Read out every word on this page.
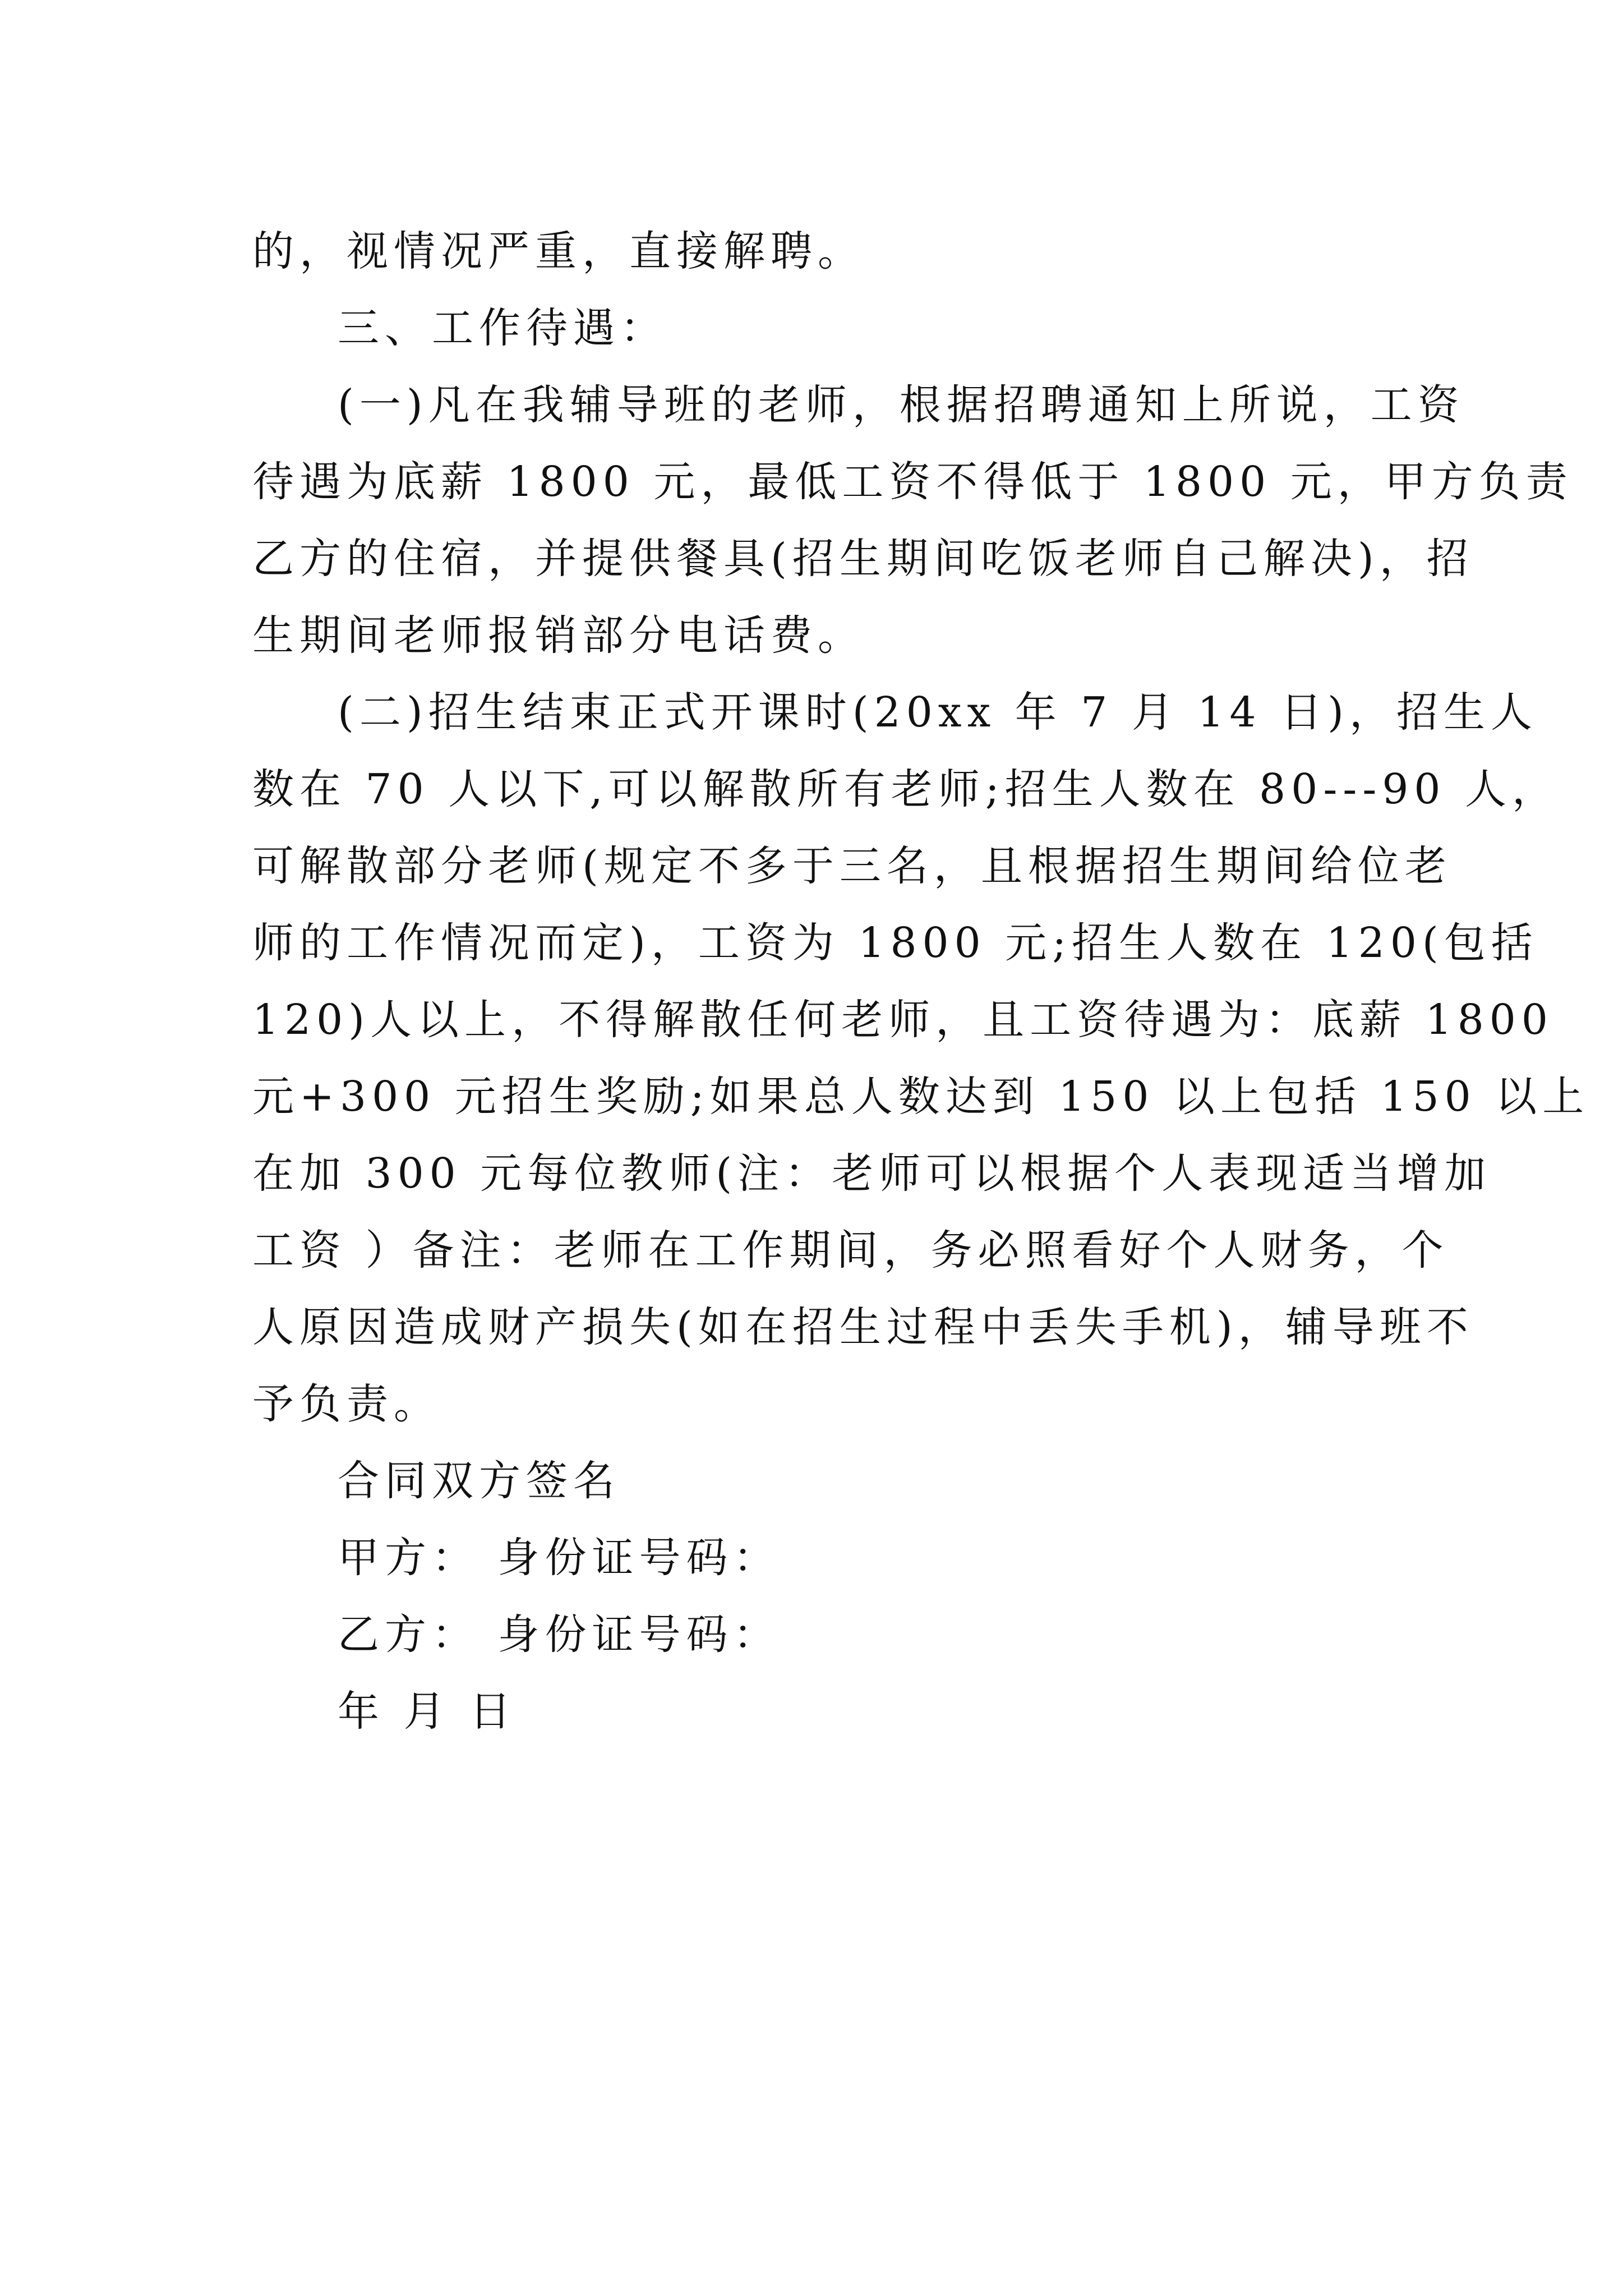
的，视情况严重，直接解聘。
三、工作待遇：
(一)凡在我辅导班的老师，根据招聘通知上所说，工资
待遇为底薪 1800 元，最低工资不得低于 1800 元，甲方负责
乙方的住宿，并提供餐具(招生期间吃饭老师自己解决)，招
生期间老师报销部分电话费。
(二)招生结束正式开课时(20xx 年 7 月 14 日)，招生人
数在 70 人以下,可以解散所有老师;招生人数在 80---90 人，
可解散部分老师(规定不多于三名，且根据招生期间给位老
师的工作情况而定)，工资为 1800 元;招生人数在 120(包括
120)人以上，不得解散任何老师，且工资待遇为：底薪 1800
元+300 元招生奖励;如果总人数达到 150 以上包括 150 以上
在加 300 元每位教师(注：老师可以根据个人表现适当增加
工资 ）备注：老师在工作期间，务必照看好个人财务，个
人原因造成财产损失(如在招生过程中丢失手机)，辅导班不
予负责。
合同双方签名
甲方： 身份证号码：
乙方： 身份证号码：
年 月 日
